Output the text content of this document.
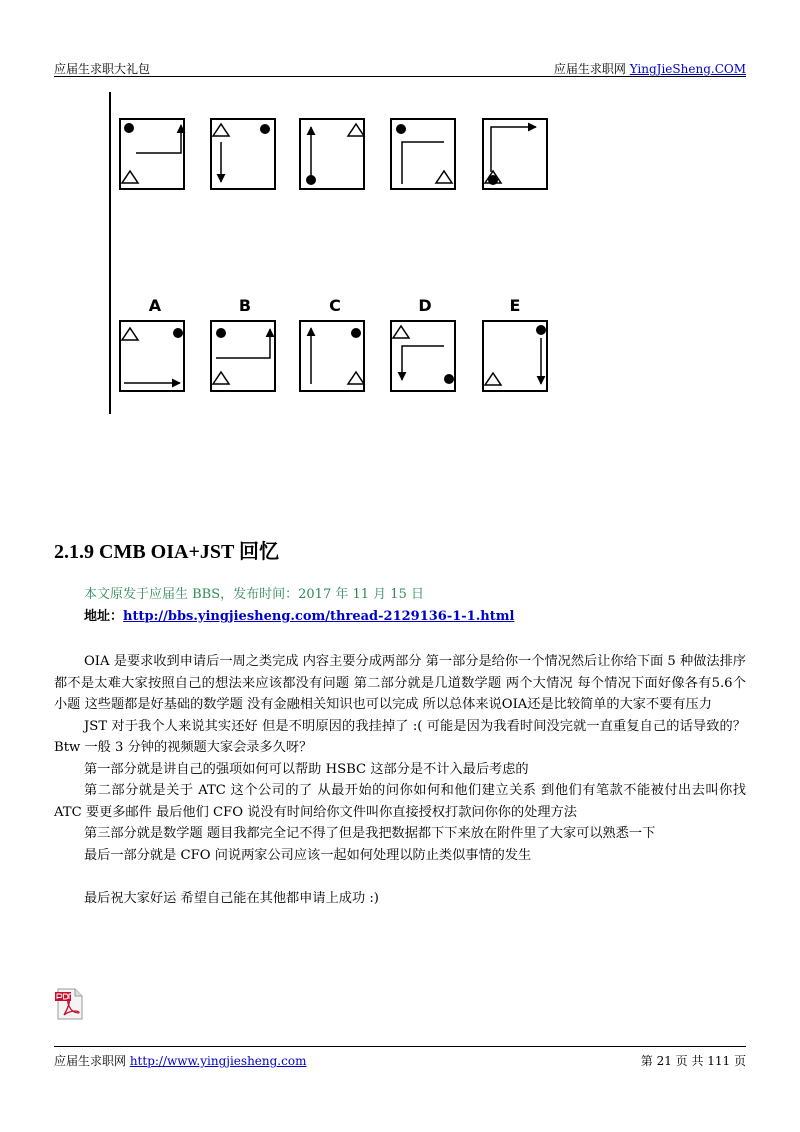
应届生求职大礼包	应届生求职网 YingJieSheng.COM
A	B	C	D	E
2.1.9 CMB OIA+JST 回忆
本文原发于应届生 BBS，发布时间：2017 年 11 月 15 日
地址：http://bbs.yingjiesheng.com/thread-2129136-1-1.html

OIA 是要求收到申请后一周之类完成 内容主要分成两部分 第一部分是给你一个情况然后让你给下面 5 种做法排序 都不是太难大家按照自己的想法来应该都没有问题 第二部分就是几道数学题 两个大情况 每个情况下面好像各有5.6个小题 这些题都是好基础的数学题 没有金融相关知识也可以完成 所以总体来说OIA还是比较简单的大家不要有压力

JST 对于我个人来说其实还好 但是不明原因的我挂掉了 :( 可能是因为我看时间没完就一直重复自己的话导致的？Btw 一般 3 分钟的视频题大家会录多久呀？

第一部分就是讲自己的强项如何可以帮助 HSBC 这部分是不计入最后考虑的

第二部分就是关于 ATC 这个公司的了 从最开始的问你如何和他们建立关系 到他们有笔款不能被付出去叫你找 ATC 要更多邮件 最后他们 CFO 说没有时间给你文件叫你直接授权打款问你你的处理方法

第三部分就是数学题 题目我都完全记不得了但是我把数据都下下来放在附件里了大家可以熟悉一下

最后一部分就是 CFO 问说两家公司应该一起如何处理以防止类似事情的发生

最后祝大家好运 希望自己能在其他都申请上成功 :)

应届生求职网 http://www.yingjiesheng.com	第 21 页 共 111 页
